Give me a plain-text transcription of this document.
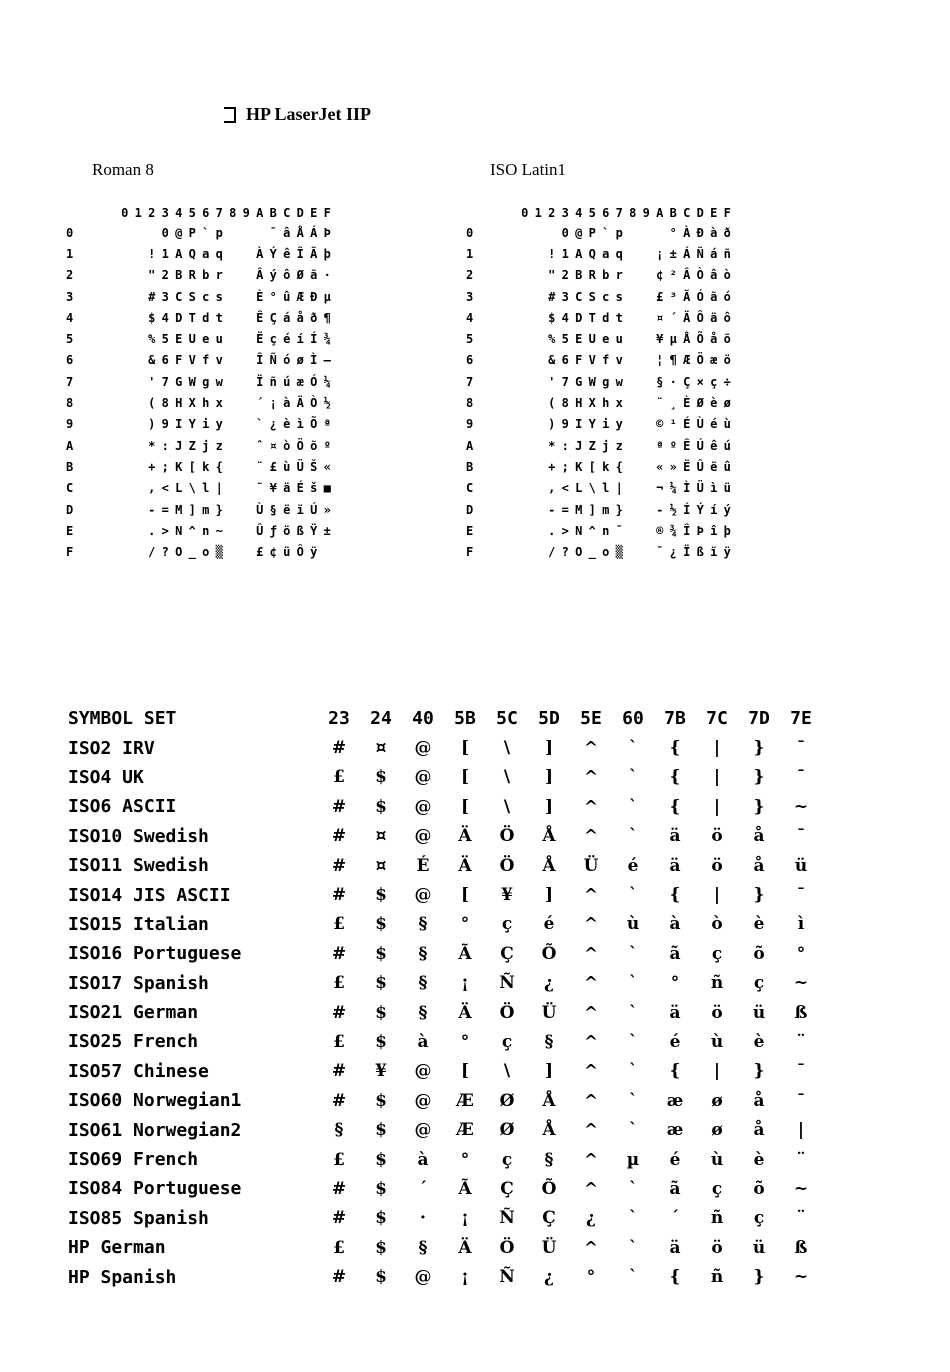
HP LaserJet IIP
Roman 8	ISO Latin1
0 1 2 3 4 5 6 7 8 9 A B C D E F
0	0 @ P ` p	¯ â Å Á Þ
1	! 1 A Q a q	À Ý ê Î Ã þ
2	" 2 B R b r	Â ý ô Ø ã ·
3	# 3 C S c s	È ° û Æ Ð µ
4	$ 4 D T d t	Ê Ç á å ð ¶
5	% 5 E U e u	Ë ç é í Í ¾
6	& 6 F V f v	Î Ñ ó ø Ì —
7	' 7 G W g w	Ï ñ ú æ Ó ¼
8	( 8 H X h x	´ ¡ à Ä Ò ½
9	) 9 I Y i y	` ¿ è ì Õ ª
A	* : J Z j z	ˆ ¤ ò Ö õ º
B	+ ; K [ k {	¨ £ ù Ü Š «
C	, < L \ l |	˜ ¥ ä É š ■
D	- = M ] m }	Ù § ë ï Ú »
E	. > N ^ n ~	Û ƒ ö ß Ÿ ±
F	/ ? O _ o ▒	£ ¢ ü Ô ÿ
0 1 2 3 4 5 6 7 8 9 A B C D E F
0	0 @ P ` p	° À Ð à ð
1	! 1 A Q a q	¡ ± Á Ñ á ñ
2	" 2 B R b r	¢ ² Â Ò â ò
3	# 3 C S c s	£ ³ Ã Ó ã ó
4	$ 4 D T d t	¤ ´ Ä Ô ä ô
5	% 5 E U e u	¥ µ Å Õ å õ
6	& 6 F V f v	¦ ¶ Æ Ö æ ö
7	' 7 G W g w	§ · Ç × ç ÷
8	( 8 H X h x	¨ ¸ È Ø è ø
9	) 9 I Y i y	© ¹ É Ù é ù
A	* : J Z j z	ª º Ê Ú ê ú
B	+ ; K [ k {	« » Ë Û ë û
C	, < L \ l |	¬ ¼ Ì Ü ì ü
D	- = M ] m }	- ½ Í Ý í ý
E	. > N ^ n ¯	® ¾ Î Þ î þ
F	/ ? O _ o ▒	¯ ¿ Ï ß ï ÿ
SYMBOL SET	23	24	40	5B	5C	5D	5E	60	7B	7C	7D	7E
ISO2 IRV	#	¤	@	[	\	]	^	`	{	|	}	¯
ISO4 UK	£	$	@	[	\	]	^	`	{	|	}	¯
ISO6 ASCII	#	$	@	[	\	]	^	`	{	|	}	~
ISO10 Swedish	#	¤	@	Ä	Ö	Å	^	`	ä	ö	å	¯
ISO11 Swedish	#	¤	É	Ä	Ö	Å	Ü	é	ä	ö	å	ü
ISO14 JIS ASCII	#	$	@	[	¥	]	^	`	{	|	}	¯
ISO15 Italian	£	$	§	°	ç	é	^	ù	à	ò	è	ì
ISO16 Portuguese	#	$	§	Ã	Ç	Õ	^	`	ã	ç	õ	°
ISO17 Spanish	£	$	§	¡	Ñ	¿	^	`	°	ñ	ç	~
ISO21 German	#	$	§	Ä	Ö	Ü	^	`	ä	ö	ü	ß
ISO25 French	£	$	à	°	ç	§	^	`	é	ù	è	¨
ISO57 Chinese	#	¥	@	[	\	]	^	`	{	|	}	¯
ISO60 Norwegian1	#	$	@	Æ	Ø	Å	^	`	æ	ø	å	¯
ISO61 Norwegian2	§	$	@	Æ	Ø	Å	^	`	æ	ø	å	|
ISO69 French	£	$	à	°	ç	§	^	µ	é	ù	è	¨
ISO84 Portuguese	#	$	´	Ã	Ç	Õ	^	`	ã	ç	õ	~
ISO85 Spanish	#	$	·	¡	Ñ	Ç	¿	`	´	ñ	ç	¨
HP German	£	$	§	Ä	Ö	Ü	^	`	ä	ö	ü	ß
HP Spanish	#	$	@	¡	Ñ	¿	°	`	{	ñ	}	~
